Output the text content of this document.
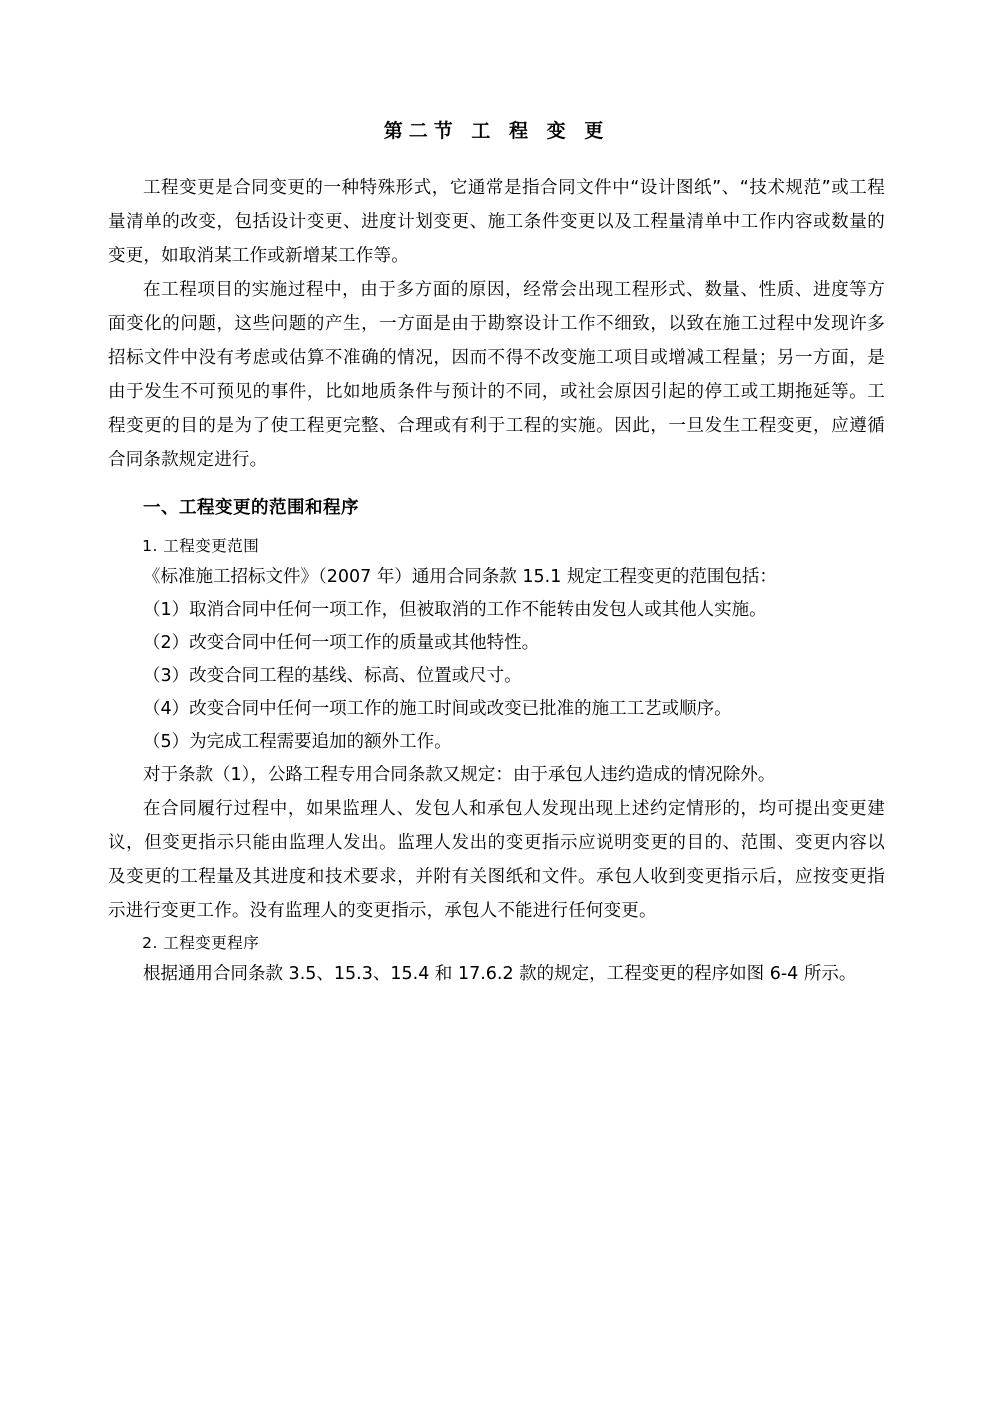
第二节 工 程 变 更

工程变更是合同变更的一种特殊形式，它通常是指合同文件中“设计图纸”、“技术规范”或工程量清单的改变，包括设计变更、进度计划变更、施工条件变更以及工程量清单中工作内容或数量的变更，如取消某工作或新增某工作等。

在工程项目的实施过程中，由于多方面的原因，经常会出现工程形式、数量、性质、进度等方面变化的问题，这些问题的产生，一方面是由于勘察设计工作不细致，以致在施工过程中发现许多招标文件中没有考虑或估算不准确的情况，因而不得不改变施工项目或增减工程量；另一方面，是由于发生不可预见的事件，比如地质条件与预计的不同，或社会原因引起的停工或工期拖延等。工程变更的目的是为了使工程更完整、合理或有利于工程的实施。因此，一旦发生工程变更，应遵循合同条款规定进行。

一、工程变更的范围和程序
1. 工程变更范围

《标准施工招标文件》（2007 年）通用合同条款 15.1 规定工程变更的范围包括：

（1）取消合同中任何一项工作，但被取消的工作不能转由发包人或其他人实施。

（2）改变合同中任何一项工作的质量或其他特性。

（3）改变合同工程的基线、标高、位置或尺寸。

（4）改变合同中任何一项工作的施工时间或改变已批准的施工工艺或顺序。

（5）为完成工程需要追加的额外工作。

对于条款（1），公路工程专用合同条款又规定：由于承包人违约造成的情况除外。

在合同履行过程中，如果监理人、发包人和承包人发现出现上述约定情形的，均可提出变更建议，但变更指示只能由监理人发出。监理人发出的变更指示应说明变更的目的、范围、变更内容以及变更的工程量及其进度和技术要求，并附有关图纸和文件。承包人收到变更指示后，应按变更指示进行变更工作。没有监理人的变更指示，承包人不能进行任何变更。

2. 工程变更程序

根据通用合同条款 3.5、15.3、15.4 和 17.6.2 款的规定，工程变更的程序如图 6-4 所示。
